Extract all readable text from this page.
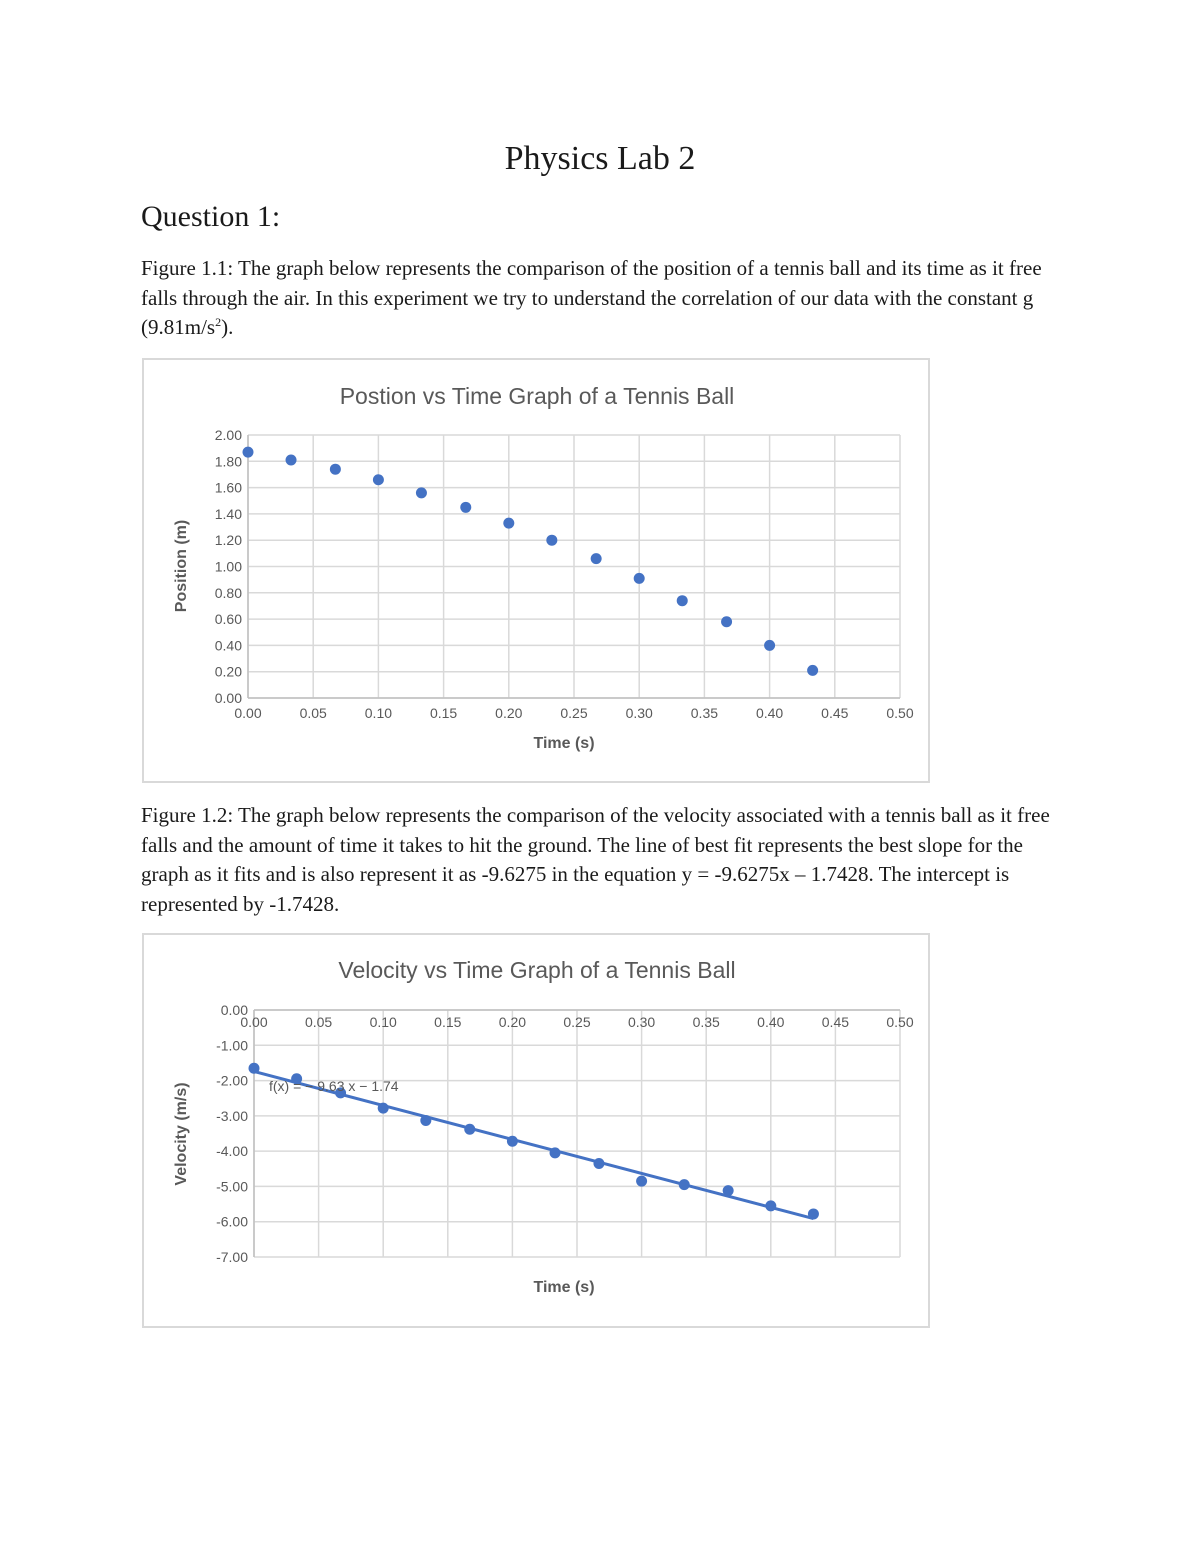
Physics Lab 2
Question 1:
Figure 1.1: The graph below represents the comparison of the position of a tennis ball and its time as it free falls through the air. In this experiment we try to understand the correlation of our data with the constant g $(9.81m/s^2)$.
Postion vs Time Graph of a Tennis Ball
0.00	0.05	0.10	0.15	0.20	0.25	0.30	0.35	0.40	0.45	0.50
0.00
0.20
0.40
0.60
0.80
1.00
1.20
1.40
1.60
1.80
2.00
Time (s)
Position (m)
Figure 1.2: The graph below represents the comparison of the velocity associated with a tennis ball as it free falls and the amount of time it takes to hit the ground. The line of best fit represents the best slope for the graph as it fits and is also represent it as -9.6275 in the equation y = -9.6275x – 1.7428. The intercept is represented by -1.7428.
Velocity vs Time Graph of a Tennis Ball
0.00	0.05	0.10	0.15	0.20	0.25	0.30	0.35	0.40	0.45	0.50
0.00
-1.00
-2.00
-3.00
-4.00
-5.00
-6.00
-7.00
Time (s)
Velocity (m/s)	f(x) = − 9.63 x − 1.74
